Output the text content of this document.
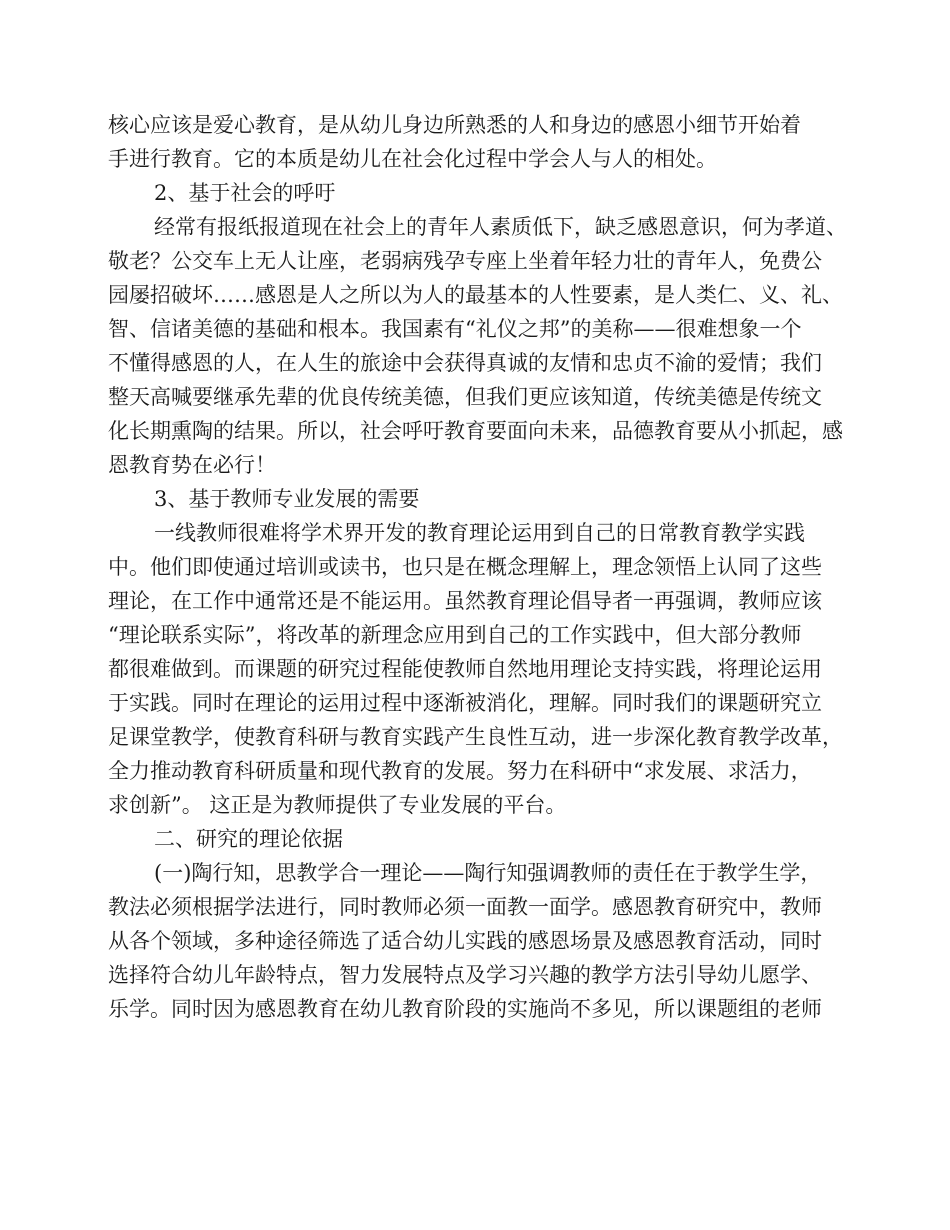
核心应该是爱心教育，是从幼儿身边所熟悉的人和身边的感恩小细节开始着
手进行教育。它的本质是幼儿在社会化过程中学会人与人的相处。
2、基于社会的呼吁
经常有报纸报道现在社会上的青年人素质低下，缺乏感恩意识，何为孝道、
敬老？公交车上无人让座，老弱病残孕专座上坐着年轻力壮的青年人，免费公
园屡招破坏……感恩是人之所以为人的最基本的人性要素，是人类仁、义、礼、
智、信诸美德的基础和根本。我国素有“礼仪之邦”的美称——很难想象一个
不懂得感恩的人，在人生的旅途中会获得真诚的友情和忠贞不渝的爱情；我们
整天高喊要继承先辈的优良传统美德，但我们更应该知道，传统美德是传统文
化长期熏陶的结果。所以，社会呼吁教育要面向未来，品德教育要从小抓起，感
恩教育势在必行！
3、基于教师专业发展的需要
一线教师很难将学术界开发的教育理论运用到自己的日常教育教学实践
中。他们即使通过培训或读书，也只是在概念理解上，理念领悟上认同了这些
理论，在工作中通常还是不能运用。虽然教育理论倡导者一再强调，教师应该
“理论联系实际”，将改革的新理念应用到自己的工作实践中，但大部分教师
都很难做到。而课题的研究过程能使教师自然地用理论支持实践，将理论运用
于实践。同时在理论的运用过程中逐渐被消化，理解。同时我们的课题研究立
足课堂教学，使教育科研与教育实践产生良性互动，进一步深化教育教学改革，
全力推动教育科研质量和现代教育的发展。努力在科研中“求发展、求活力，
求创新”。 这正是为教师提供了专业发展的平台。
二、研究的理论依据
(一)陶行知，思教学合一理论——陶行知强调教师的责任在于教学生学，
教法必须根据学法进行，同时教师必须一面教一面学。感恩教育研究中，教师
从各个领域，多种途径筛选了适合幼儿实践的感恩场景及感恩教育活动，同时
选择符合幼儿年龄特点，智力发展特点及学习兴趣的教学方法引导幼儿愿学、
乐学。同时因为感恩教育在幼儿教育阶段的实施尚不多见，所以课题组的老师
